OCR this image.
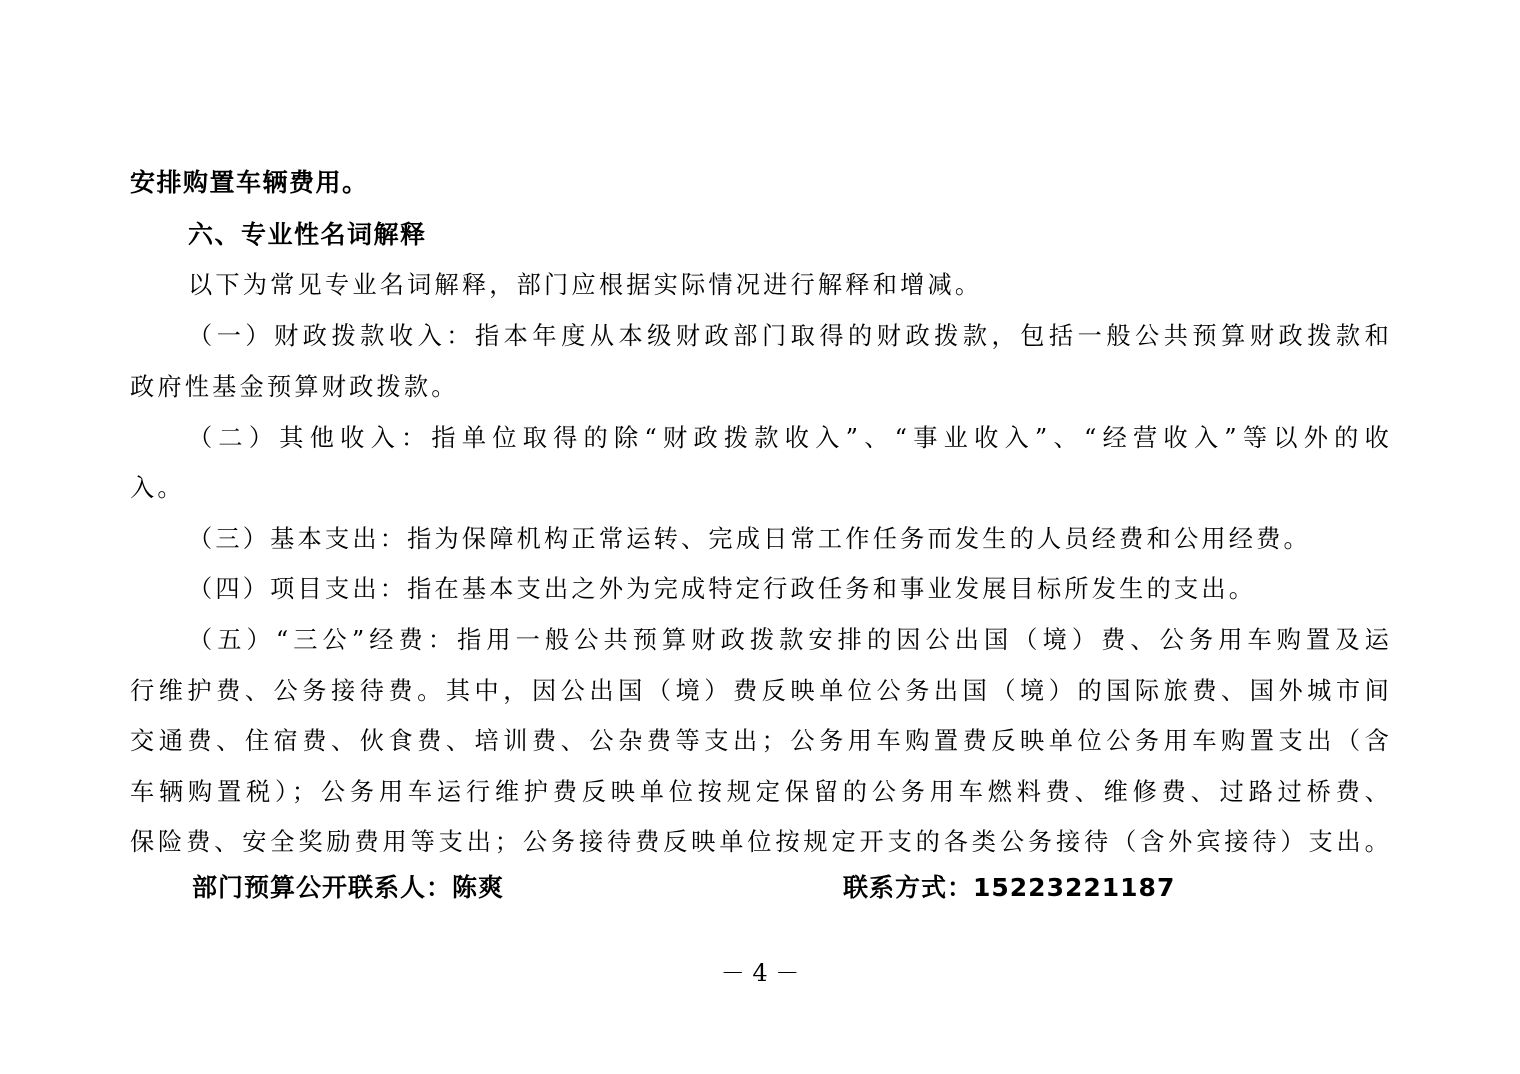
安排购置车辆费用。
六、专业性名词解释
以下为常见专业名词解释，部门应根据实际情况进行解释和增减。
（一）财政拨款收入：指本年度从本级财政部门取得的财政拨款，包括一般公共预算财政拨款和
政府性基金预算财政拨款。
（二）其他收入：指单位取得的除“财政拨款收入”、“事业收入”、“经营收入”等以外的收
入。
（三）基本支出：指为保障机构正常运转、完成日常工作任务而发生的人员经费和公用经费。
（四）项目支出：指在基本支出之外为完成特定行政任务和事业发展目标所发生的支出。
（五）“三公”经费：指用一般公共预算财政拨款安排的因公出国（境）费、公务用车购置及运
行维护费、公务接待费。其中，因公出国（境）费反映单位公务出国（境）的国际旅费、国外城市间
交通费、住宿费、伙食费、培训费、公杂费等支出；公务用车购置费反映单位公务用车购置支出（含
车辆购置税）；公务用车运行维护费反映单位按规定保留的公务用车燃料费、维修费、过路过桥费、
保险费、安全奖励费用等支出；公务接待费反映单位按规定开支的各类公务接待（含外宾接待）支出。
部门预算公开联系人：陈爽	联系方式：15223221187
－ 4 －
